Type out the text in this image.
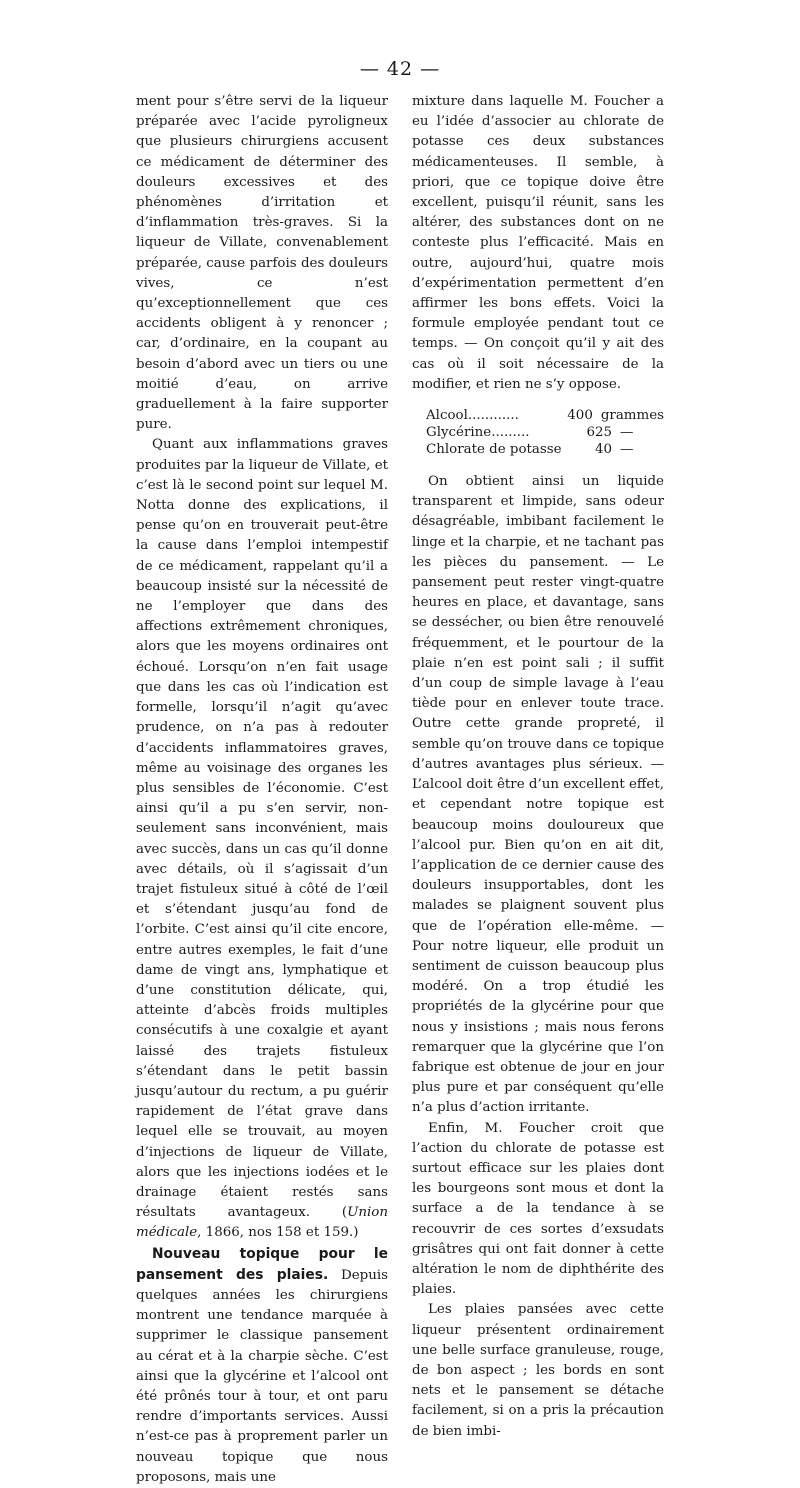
— 42 —

ment pour s’être servi de la liqueur préparée avec l’acide pyroligneux que plusieurs chirurgiens accusent ce médicament de déterminer des douleurs excessives et des phénomènes d’irritation et d’inflammation très-graves. Si la liqueur de Villate, convenablement préparée, cause parfois des douleurs vives, ce n’est qu’exceptionnellement que ces accidents obligent à y renoncer ; car, d’ordinaire, en la coupant au besoin d’abord avec un tiers ou une moitié d’eau, on arrive graduellement à la faire supporter pure.

Quant aux inflammations graves produites par la liqueur de Villate, et c’est là le second point sur lequel M. Notta donne des explications, il pense qu’on en trouverait peut-être la cause dans l’emploi intempestif de ce médicament, rappelant qu’il a beaucoup insisté sur la nécessité de ne l’employer que dans des affections extrêmement chroniques, alors que les moyens ordinaires ont échoué. Lorsqu’on n’en fait usage que dans les cas où l’indication est formelle, lorsqu’il n’agit qu’avec prudence, on n’a pas à redouter d’accidents inflammatoires graves, même au voisinage des organes les plus sensibles de l’économie. C’est ainsi qu’il a pu s’en servir, non-seulement sans inconvénient, mais avec succès, dans un cas qu’il donne avec détails, où il s’agissait d’un trajet fistuleux situé à côté de l’œil et s’étendant jusqu’au fond de l’orbite. C’est ainsi qu’il cite encore, entre autres exemples, le fait d’une dame de vingt ans, lymphatique et d’une constitution délicate, qui, atteinte d’abcès froids multiples consécutifs à une coxalgie et ayant laissé des trajets fistuleux s’étendant dans le petit bassin jusqu’autour du rectum, a pu guérir rapidement de l’état grave dans lequel elle se trouvait, au moyen d’injections de liqueur de Villate, alors que les injections iodées et le drainage étaient restés sans résultats avantageux. (Union médicale, 1866, nos 158 et 159.)

Nouveau topique pour le pansement des plaies. Depuis quelques années les chirurgiens montrent une tendance marquée à supprimer le classique pansement au cérat et à la charpie sèche. C’est ainsi que la glycérine et l’alcool ont été prônés tour à tour, et ont paru rendre d’importants services. Aussi n’est-ce pas à proprement parler un nouveau topique que nous proposons, mais une

mixture dans laquelle M. Foucher a eu l’idée d’associer au chlorate de potasse ces deux substances médicamenteuses. Il semble, à priori, que ce topique doive être excellent, puisqu’il réunit, sans les altérer, des substances dont on ne conteste plus l’efficacité. Mais en outre, aujourd’hui, quatre mois d’expérimentation permettent d’en affirmer les bons effets. Voici la formule employée pendant tout ce temps. — On conçoit qu’il y ait des cas où il soit nécessaire de la modifier, et rien ne s’y oppose.

Alcool............	400 grammes
Glycérine.........	625 —
Chlorate de potasse	40 —

On obtient ainsi un liquide transparent et limpide, sans odeur désagréable, imbibant facilement le linge et la charpie, et ne tachant pas les pièces du pansement. — Le pansement peut rester vingt-quatre heures en place, et davantage, sans se dessécher, ou bien être renouvelé fréquemment, et le pourtour de la plaie n’en est point sali ; il suffit d’un coup de simple lavage à l’eau tiède pour en enlever toute trace. Outre cette grande propreté, il semble qu’on trouve dans ce topique d’autres avantages plus sérieux. — L’alcool doit être d’un excellent effet, et cependant notre topique est beaucoup moins douloureux que l’alcool pur. Bien qu’on en ait dit, l’application de ce dernier cause des douleurs insupportables, dont les malades se plaignent souvent plus que de l’opération elle-même. — Pour notre liqueur, elle produit un sentiment de cuisson beaucoup plus modéré. On a trop étudié les propriétés de la glycérine pour que nous y insistions ; mais nous ferons remarquer que la glycérine que l’on fabrique est obtenue de jour en jour plus pure et par conséquent qu’elle n’a plus d’action irritante.

Enfin, M. Foucher croit que l’action du chlorate de potasse est surtout efficace sur les plaies dont les bourgeons sont mous et dont la surface a de la tendance à se recouvrir de ces sortes d’exsudats grisâtres qui ont fait donner à cette altération le nom de diphthérite des plaies.

Les plaies pansées avec cette liqueur présentent ordinairement une belle surface granuleuse, rouge, de bon aspect ; les bords en sont nets et le pansement se détache facilement, si on a pris la précaution de bien imbi-
